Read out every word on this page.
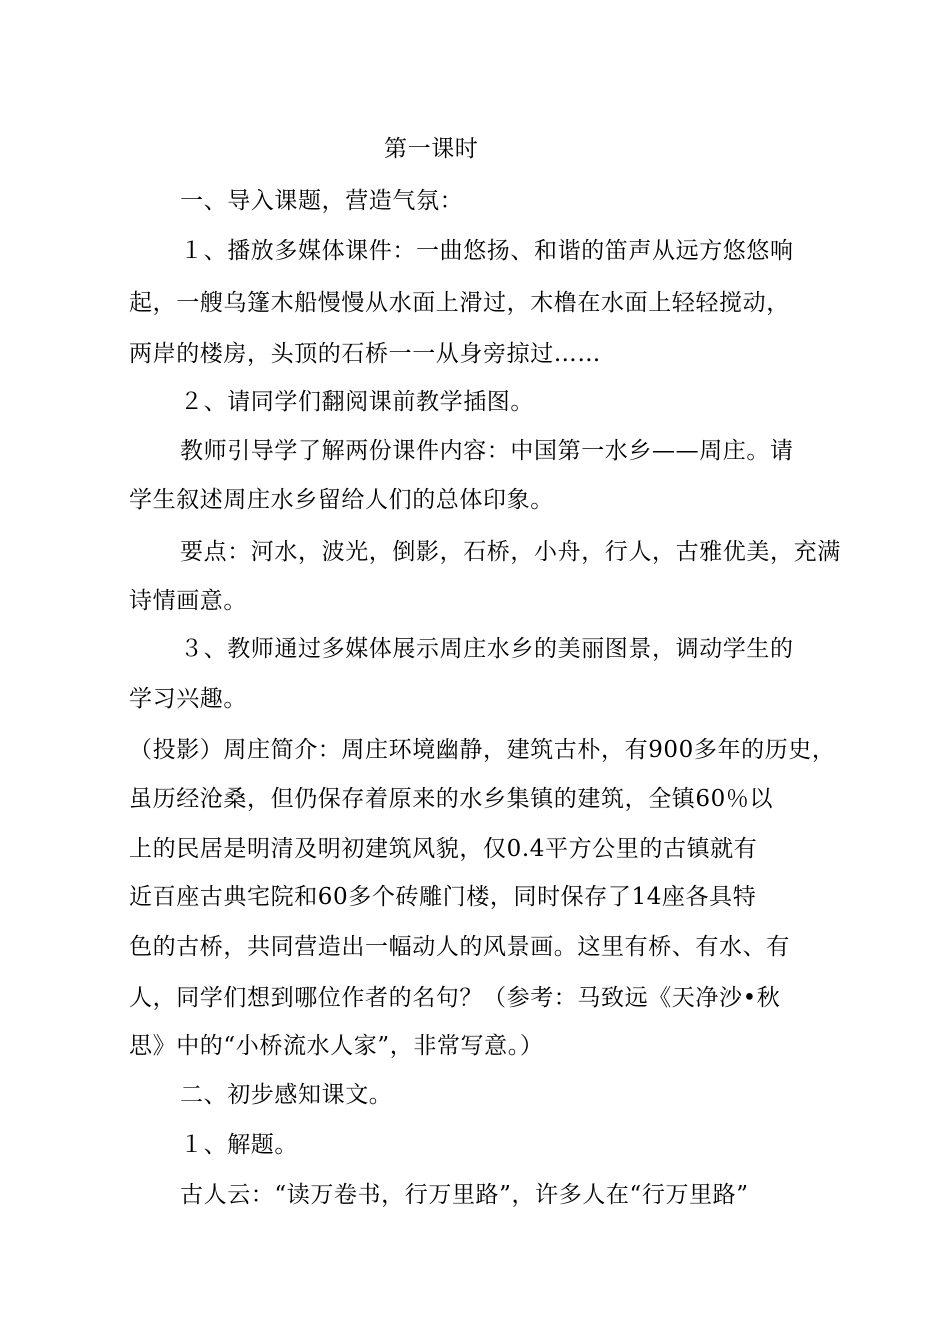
第一课时
一、导入课题，营造气氛：
１、播放多媒体课件：一曲悠扬、和谐的笛声从远方悠悠响
起，一艘乌篷木船慢慢从水面上滑过，木橹在水面上轻轻搅动，
两岸的楼房，头顶的石桥一一从身旁掠过……
２、请同学们翻阅课前教学插图。
教师引导学了解两份课件内容：中国第一水乡——周庄。请
学生叙述周庄水乡留给人们的总体印象。
要点：河水，波光，倒影，石桥，小舟，行人，古雅优美，充满
诗情画意。
３、教师通过多媒体展示周庄水乡的美丽图景，调动学生的
学习兴趣。
（投影）周庄简介：周庄环境幽静，建筑古朴，有900多年的历史，
虽历经沧桑，但仍保存着原来的水乡集镇的建筑，全镇60％以
上的民居是明清及明初建筑风貌，仅0.4平方公里的古镇就有
近百座古典宅院和60多个砖雕门楼，同时保存了14座各具特
色的古桥，共同营造出一幅动人的风景画。这里有桥、有水、有
人，同学们想到哪位作者的名句？（参考：马致远《天净沙•秋
思》中的“小桥流水人家”，非常写意。）
二、初步感知课文。
１、解题。
古人云：“读万卷书，行万里路”，许多人在“行万里路”
